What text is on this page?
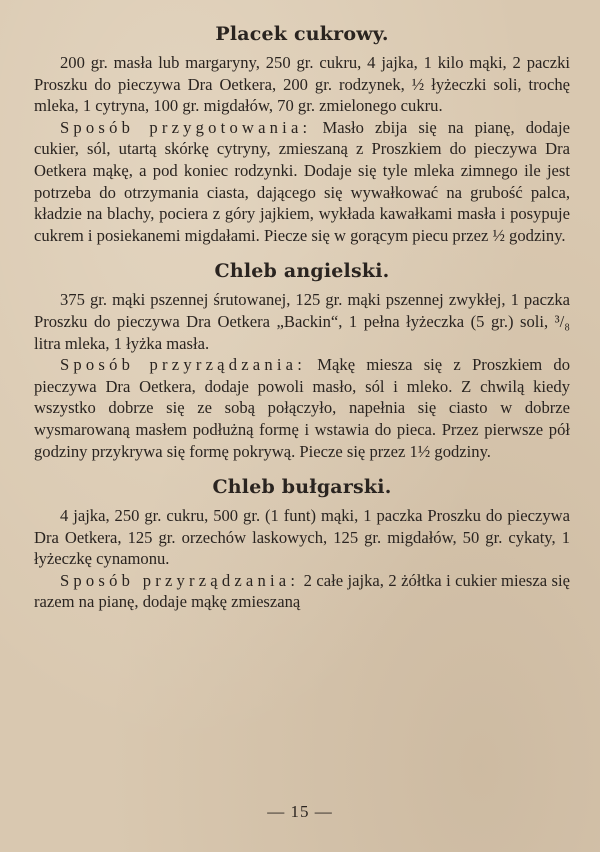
Placek cukrowy.

200 gr. masła lub margaryny, 250 gr. cukru, 4 jajka, 1 kilo mąki, 2 paczki Proszku do pieczywa Dra Oetkera, 200 gr. rodzynek, ½ łyżeczki soli, trochę mleka, 1 cytryna, 100 gr. migdałów, 70 gr. zmielonego cukru.

Sposób przygotowania: Masło zbija się na pianę, dodaje cukier, sól, utartą skórkę cytryny, zmieszaną z Proszkiem do pieczywa Dra Oetkera mąkę, a pod koniec rodzynki. Dodaje się tyle mleka zimnego ile jest potrzeba do otrzymania ciasta, dającego się wywałkować na grubość palca, kładzie na blachy, pociera z góry jajkiem, wykłada kawałkami masła i posypuje cukrem i posiekanemi migdałami. Piecze się w gorącym piecu przez ½ godziny.

Chleb angielski.

375 gr. mąki pszennej śrutowanej, 125 gr. mąki pszennej zwykłej, 1 paczka Proszku do pieczywa Dra Oetkera „Backin“, 1 pełna łyżeczka (5 gr.) soli, ³/₈ litra mleka, 1 łyżka masła.

Sposób przyrządzania: Mąkę miesza się z Proszkiem do pieczywa Dra Oetkera, dodaje powoli masło, sól i mleko. Z chwilą kiedy wszystko dobrze się ze sobą połączyło, napełnia się ciasto w dobrze wysmarowaną masłem podłużną formę i wstawia do pieca. Przez pierwsze pół godziny przykrywa się formę pokrywą. Piecze się przez 1½ godziny.

Chleb bułgarski.

4 jajka, 250 gr. cukru, 500 gr. (1 funt) mąki, 1 paczka Proszku do pieczywa Dra Oetkera, 125 gr. orzechów laskowych, 125 gr. migdałów, 50 gr. cykaty, 1 łyżeczkę cynamonu.

Sposób przyrządzania: 2 całe jajka, 2 żółtka i cukier miesza się razem na pianę, dodaje mąkę zmieszaną

— 15 —
